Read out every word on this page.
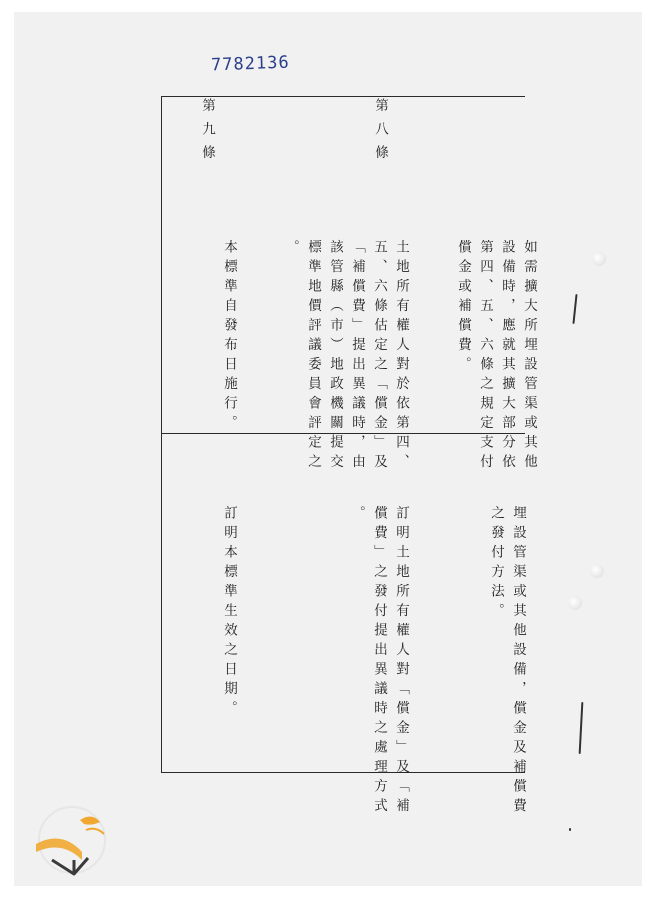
7782136

如需擴大所埋設管渠或其他
設備時，應就其擴大部分依
第四、五、六條之規定支付
償金或補償費。

第八條

土地所有權人對於依第四、
五、六條估定之「償金」及
「補償費」提出異議時，由
該管縣（市）地政機關提交
標準地價評議委員會評定之
。

第九條

本標準自發布日施行。

埋設管渠或其他設備，償金及補償費
之發付方法。

訂明土地所有權人對「償金」及「補
償費」之發付提出異議時之處理方式
。

訂明本標準生效之日期。
